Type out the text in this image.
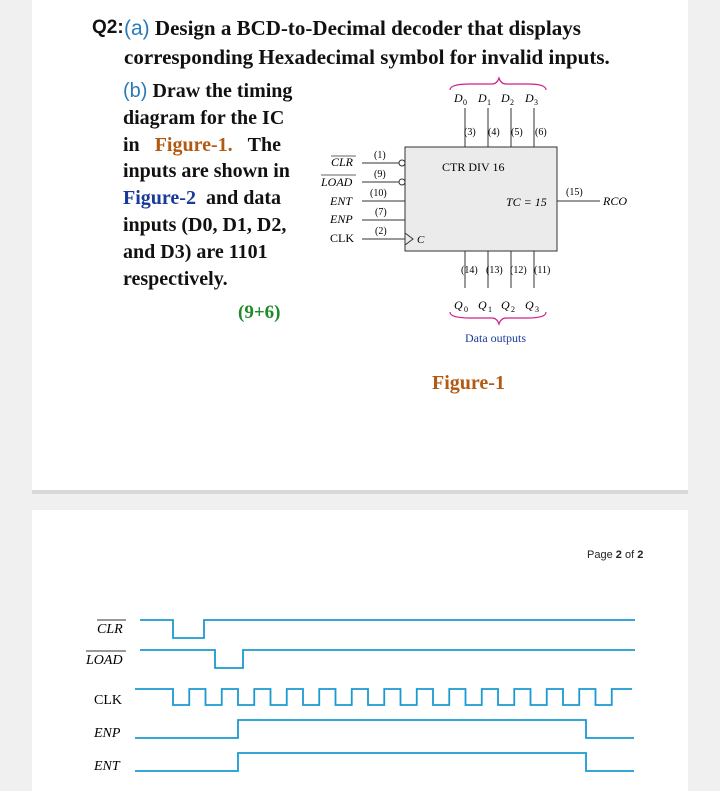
Q2: (a) Design a BCD-to-Decimal decoder that displays
corresponding Hexadecimal symbol for invalid inputs.
(b) Draw the timing
diagram for the IC
in Figure-1. The
inputs are shown in
Figure-2 and data
inputs (D0, D1, D2,
and D3) are 1101
respectively.
(9+6)
CTR DIV 16
TC = 15
D 0
(3)
D 1
(4)
D 2
(5)
D 3
(6)
(14)
Q 0
(13)
Q 1
(12)
Q 2
(11)
Q 3
CLR (1)
LOAD
(9)
ENT
(10)
ENP (7)
CLK (2)
C
(15)
RCO
Data outputs
Figure-1
Page 2 of 2
CLR
LOAD
CLK
ENP
ENT
